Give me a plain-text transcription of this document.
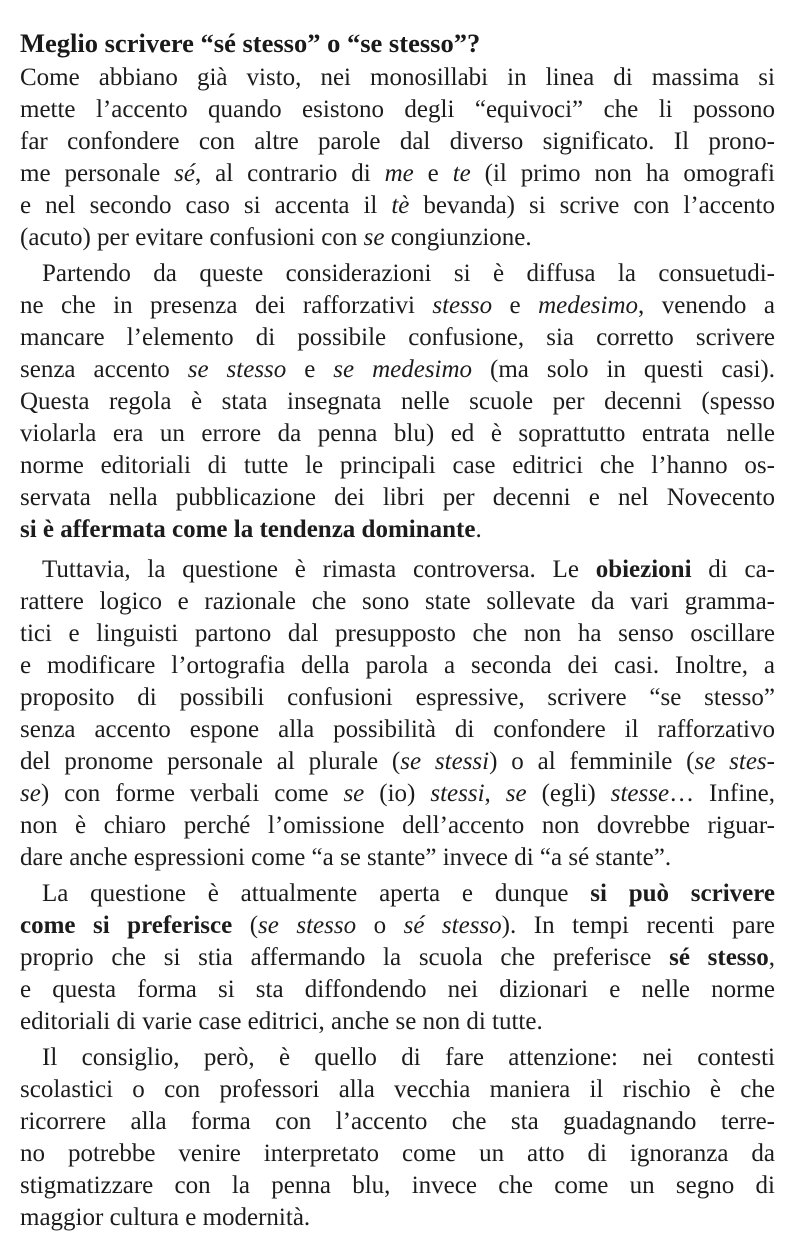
Meglio scrivere “sé stesso” o “se stesso”?

Come abbiano già visto, nei monosillabi in linea di massima si
mette l’accento quando esistono degli “equivoci” che li possono
far confondere con altre parole dal diverso significato. Il prono-
me personale sé, al contrario di me e te (il primo non ha omografi
e nel secondo caso si accenta il tè bevanda) si scrive con l’accento
(acuto) per evitare confusioni con se congiunzione.

Partendo da queste considerazioni si è diffusa la consuetudi-
ne che in presenza dei rafforzativi stesso e medesimo, venendo a
mancare l’elemento di possibile confusione, sia corretto scrivere
senza accento se stesso e se medesimo (ma solo in questi casi).
Questa regola è stata insegnata nelle scuole per decenni (spesso
violarla era un errore da penna blu) ed è soprattutto entrata nelle
norme editoriali di tutte le principali case editrici che l’hanno os-
servata nella pubblicazione dei libri per decenni e nel Novecento
si è affermata come la tendenza dominante.

Tuttavia, la questione è rimasta controversa. Le obiezioni di ca-
rattere logico e razionale che sono state sollevate da vari gramma-
tici e linguisti partono dal presupposto che non ha senso oscillare
e modificare l’ortografia della parola a seconda dei casi. Inoltre, a
proposito di possibili confusioni espressive, scrivere “se stesso”
senza accento espone alla possibilità di confondere il rafforzativo
del pronome personale al plurale (se stessi) o al femminile (se stes-
se) con forme verbali come se (io) stessi, se (egli) stesse… Infine,
non è chiaro perché l’omissione dell’accento non dovrebbe riguar-
dare anche espressioni come “a se stante” invece di “a sé stante”.

La questione è attualmente aperta e dunque si può scrivere
come si preferisce (se stesso o sé stesso). In tempi recenti pare
proprio che si stia affermando la scuola che preferisce sé stesso,
e questa forma si sta diffondendo nei dizionari e nelle norme
editoriali di varie case editrici, anche se non di tutte.

Il consiglio, però, è quello di fare attenzione: nei contesti
scolastici o con professori alla vecchia maniera il rischio è che
ricorrere alla forma con l’accento che sta guadagnando terre-
no potrebbe venire interpretato come un atto di ignoranza da
stigmatizzare con la penna blu, invece che come un segno di
maggior cultura e modernità.
